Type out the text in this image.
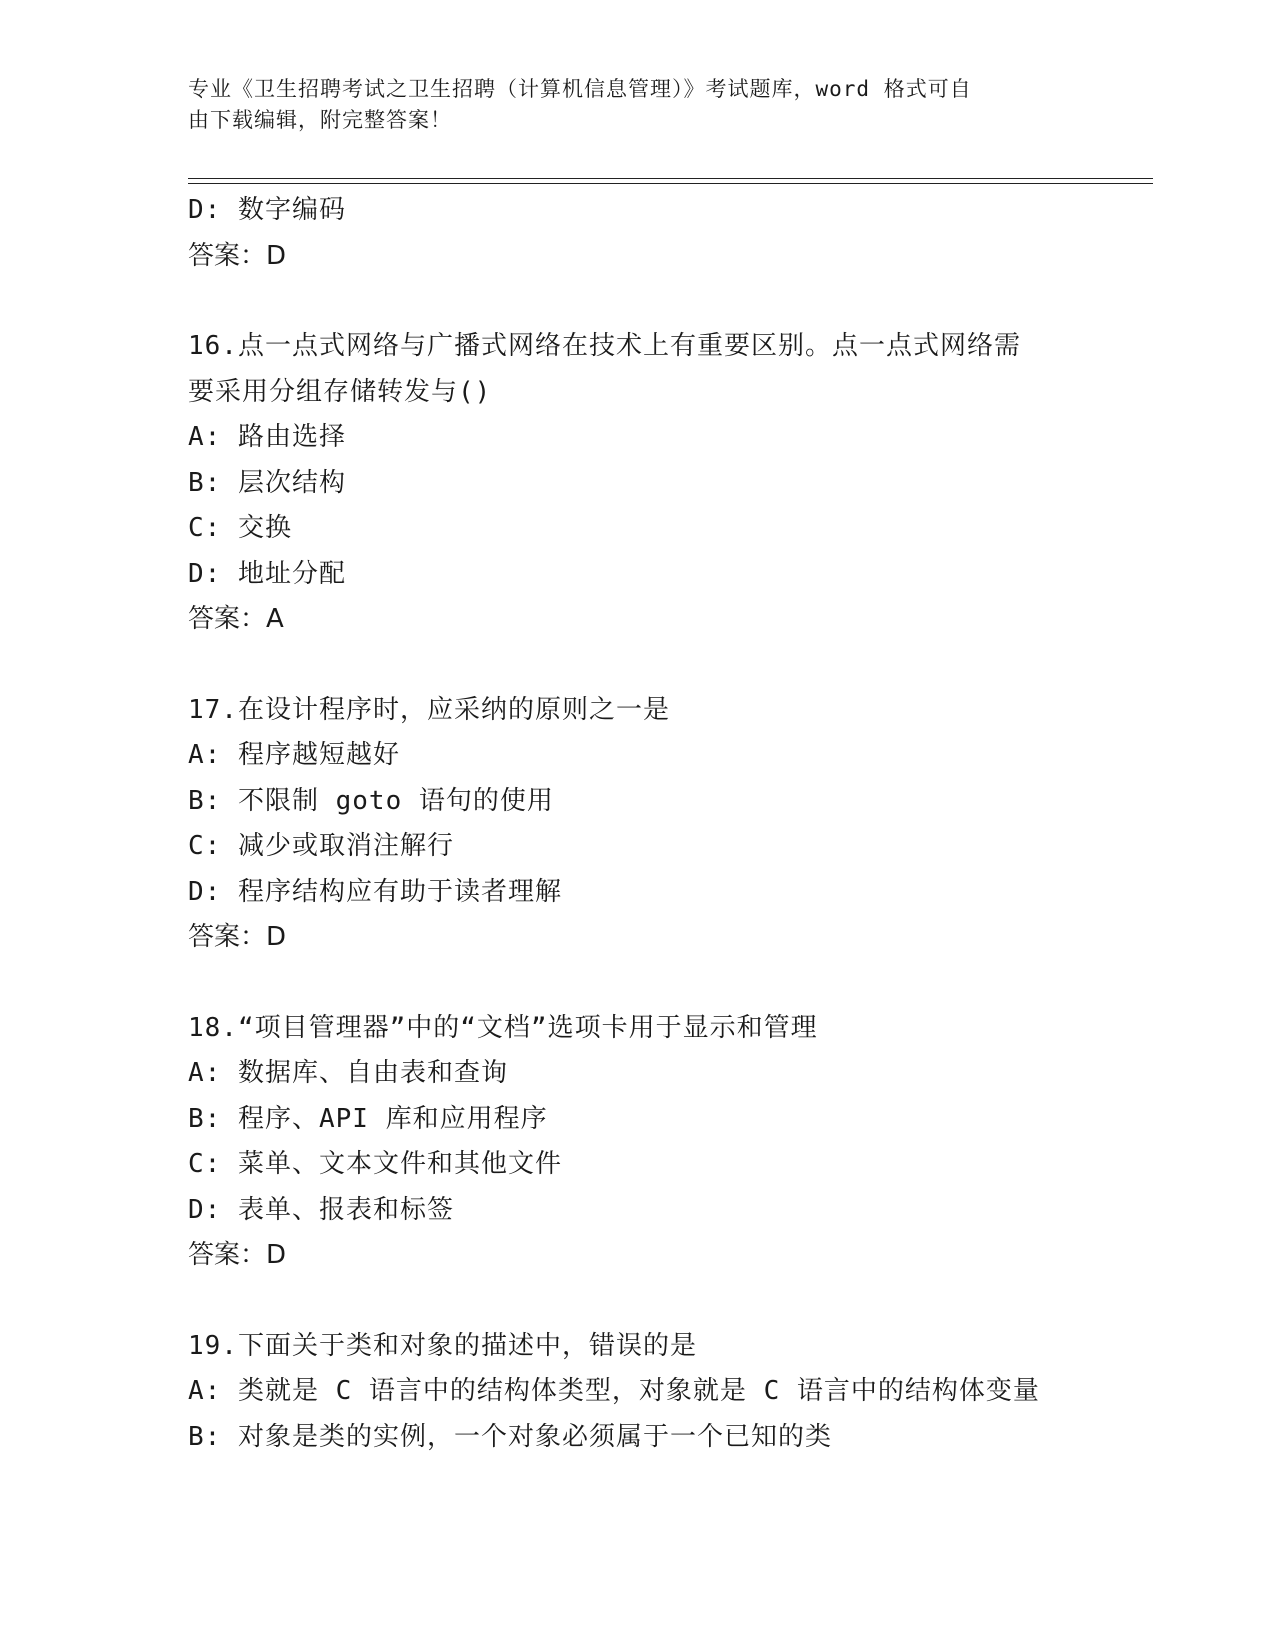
专业《卫生招聘考试之卫生招聘（计算机信息管理）》考试题库，word 格式可自
由下载编辑，附完整答案！
D: 数字编码
答案：D
16.点一点式网络与广播式网络在技术上有重要区别。点一点式网络需
要采用分组存储转发与()
A: 路由选择
B: 层次结构
C: 交换
D: 地址分配
答案：A
17.在设计程序时，应采纳的原则之一是
A: 程序越短越好
B: 不限制 goto 语句的使用
C: 减少或取消注解行
D: 程序结构应有助于读者理解
答案：D
18.“项目管理器”中的“文档”选项卡用于显示和管理
A: 数据库、自由表和查询
B: 程序、API 库和应用程序
C: 菜单、文本文件和其他文件
D: 表单、报表和标签
答案：D
19.下面关于类和对象的描述中，错误的是
A: 类就是 C 语言中的结构体类型，对象就是 C 语言中的结构体变量
B: 对象是类的实例，一个对象必须属于一个已知的类
